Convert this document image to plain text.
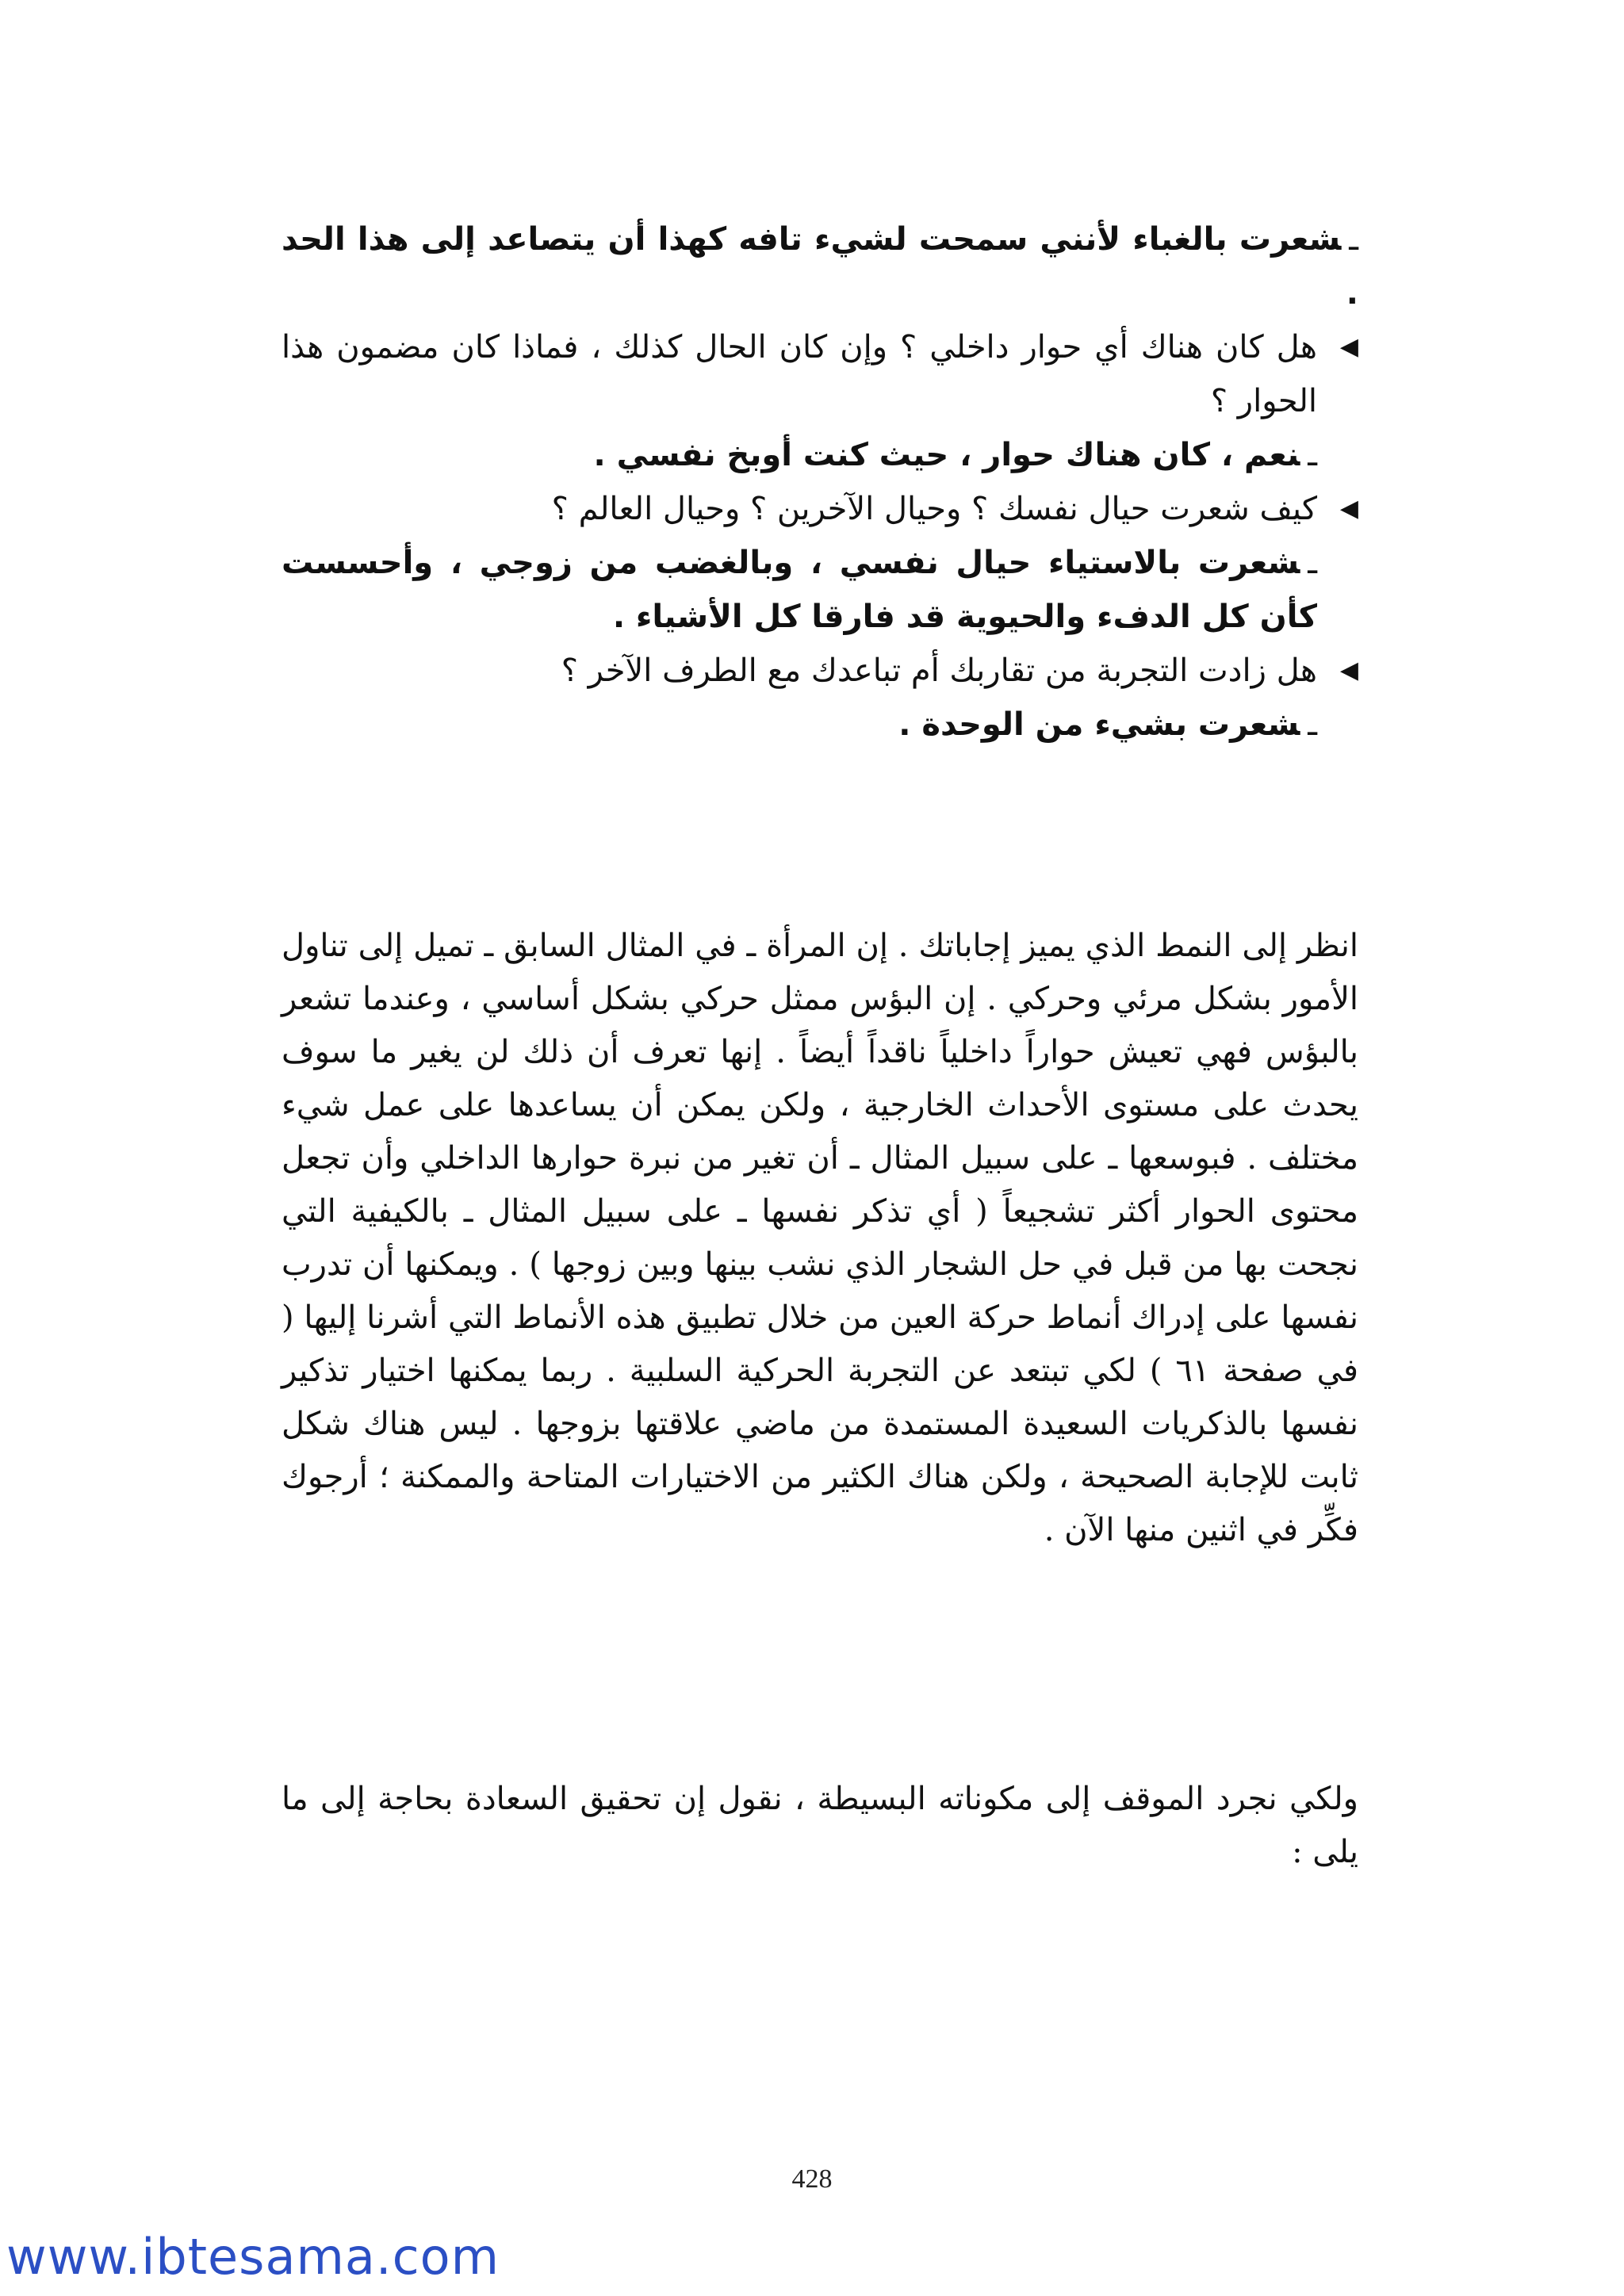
ـشعرت بالغباء لأنني سمحت لشيء تافه كهذا أن يتصاعد إلى هذا الحد .

◀

هل كان هناك أي حوار داخلي ؟ وإن كان الحال كذلك ، فماذا كان مضمون هذا الحوار ؟

ـنعم ، كان هناك حوار ، حيث كنت أوبخ نفسي .

◀

كيف شعرت حيال نفسك ؟ وحيال الآخرين ؟ وحيال العالم ؟

ـشعرت بالاستياء حيال نفسي ، وبالغضب من زوجي ، وأحسست كأن كل الدفء والحيوية قد فارقا كل الأشياء .

◀

هل زادت التجربة من تقاربك أم تباعدك مع الطرف الآخر ؟

ـشعرت بشيء من الوحدة .

انظر إلى النمط الذي يميز إجاباتك . إن المرأة ـ في المثال السابق ـ تميل إلى تناول الأمور بشكل مرئي وحركي . إن البؤس ممثل حركي بشكل أساسي ، وعندما تشعر بالبؤس فهي تعيش حواراً داخلياً ناقداً أيضاً . إنها تعرف أن ذلك لن يغير ما سوف يحدث على مستوى الأحداث الخارجية ، ولكن يمكن أن يساعدها على عمل شيء مختلف . فبوسعها ـ على سبيل المثال ـ أن تغير من نبرة حوارها الداخلي وأن تجعل محتوى الحوار أكثر تشجيعاً ( أي تذكر نفسها ـ على سبيل المثال ـ بالكيفية التي نجحت بها من قبل في حل الشجار الذي نشب بينها وبين زوجها ) . ويمكنها أن تدرب نفسها على إدراك أنماط حركة العين من خلال تطبيق هذه الأنماط التي أشرنا إليها ( في صفحة ٦١ ) لكي تبتعد عن التجربة الحركية السلبية . ربما يمكنها اختيار تذكير نفسها بالذكريات السعيدة المستمدة من ماضي علاقتها بزوجها . ليس هناك شكل ثابت للإجابة الصحيحة ، ولكن هناك الكثير من الاختيارات المتاحة والممكنة ؛ أرجوك فكِّر في اثنين منها الآن .

ولكي نجرد الموقف إلى مكوناته البسيطة ، نقول إن تحقيق السعادة بحاجة إلى ما يلى :

428
www.ibtesama.com
